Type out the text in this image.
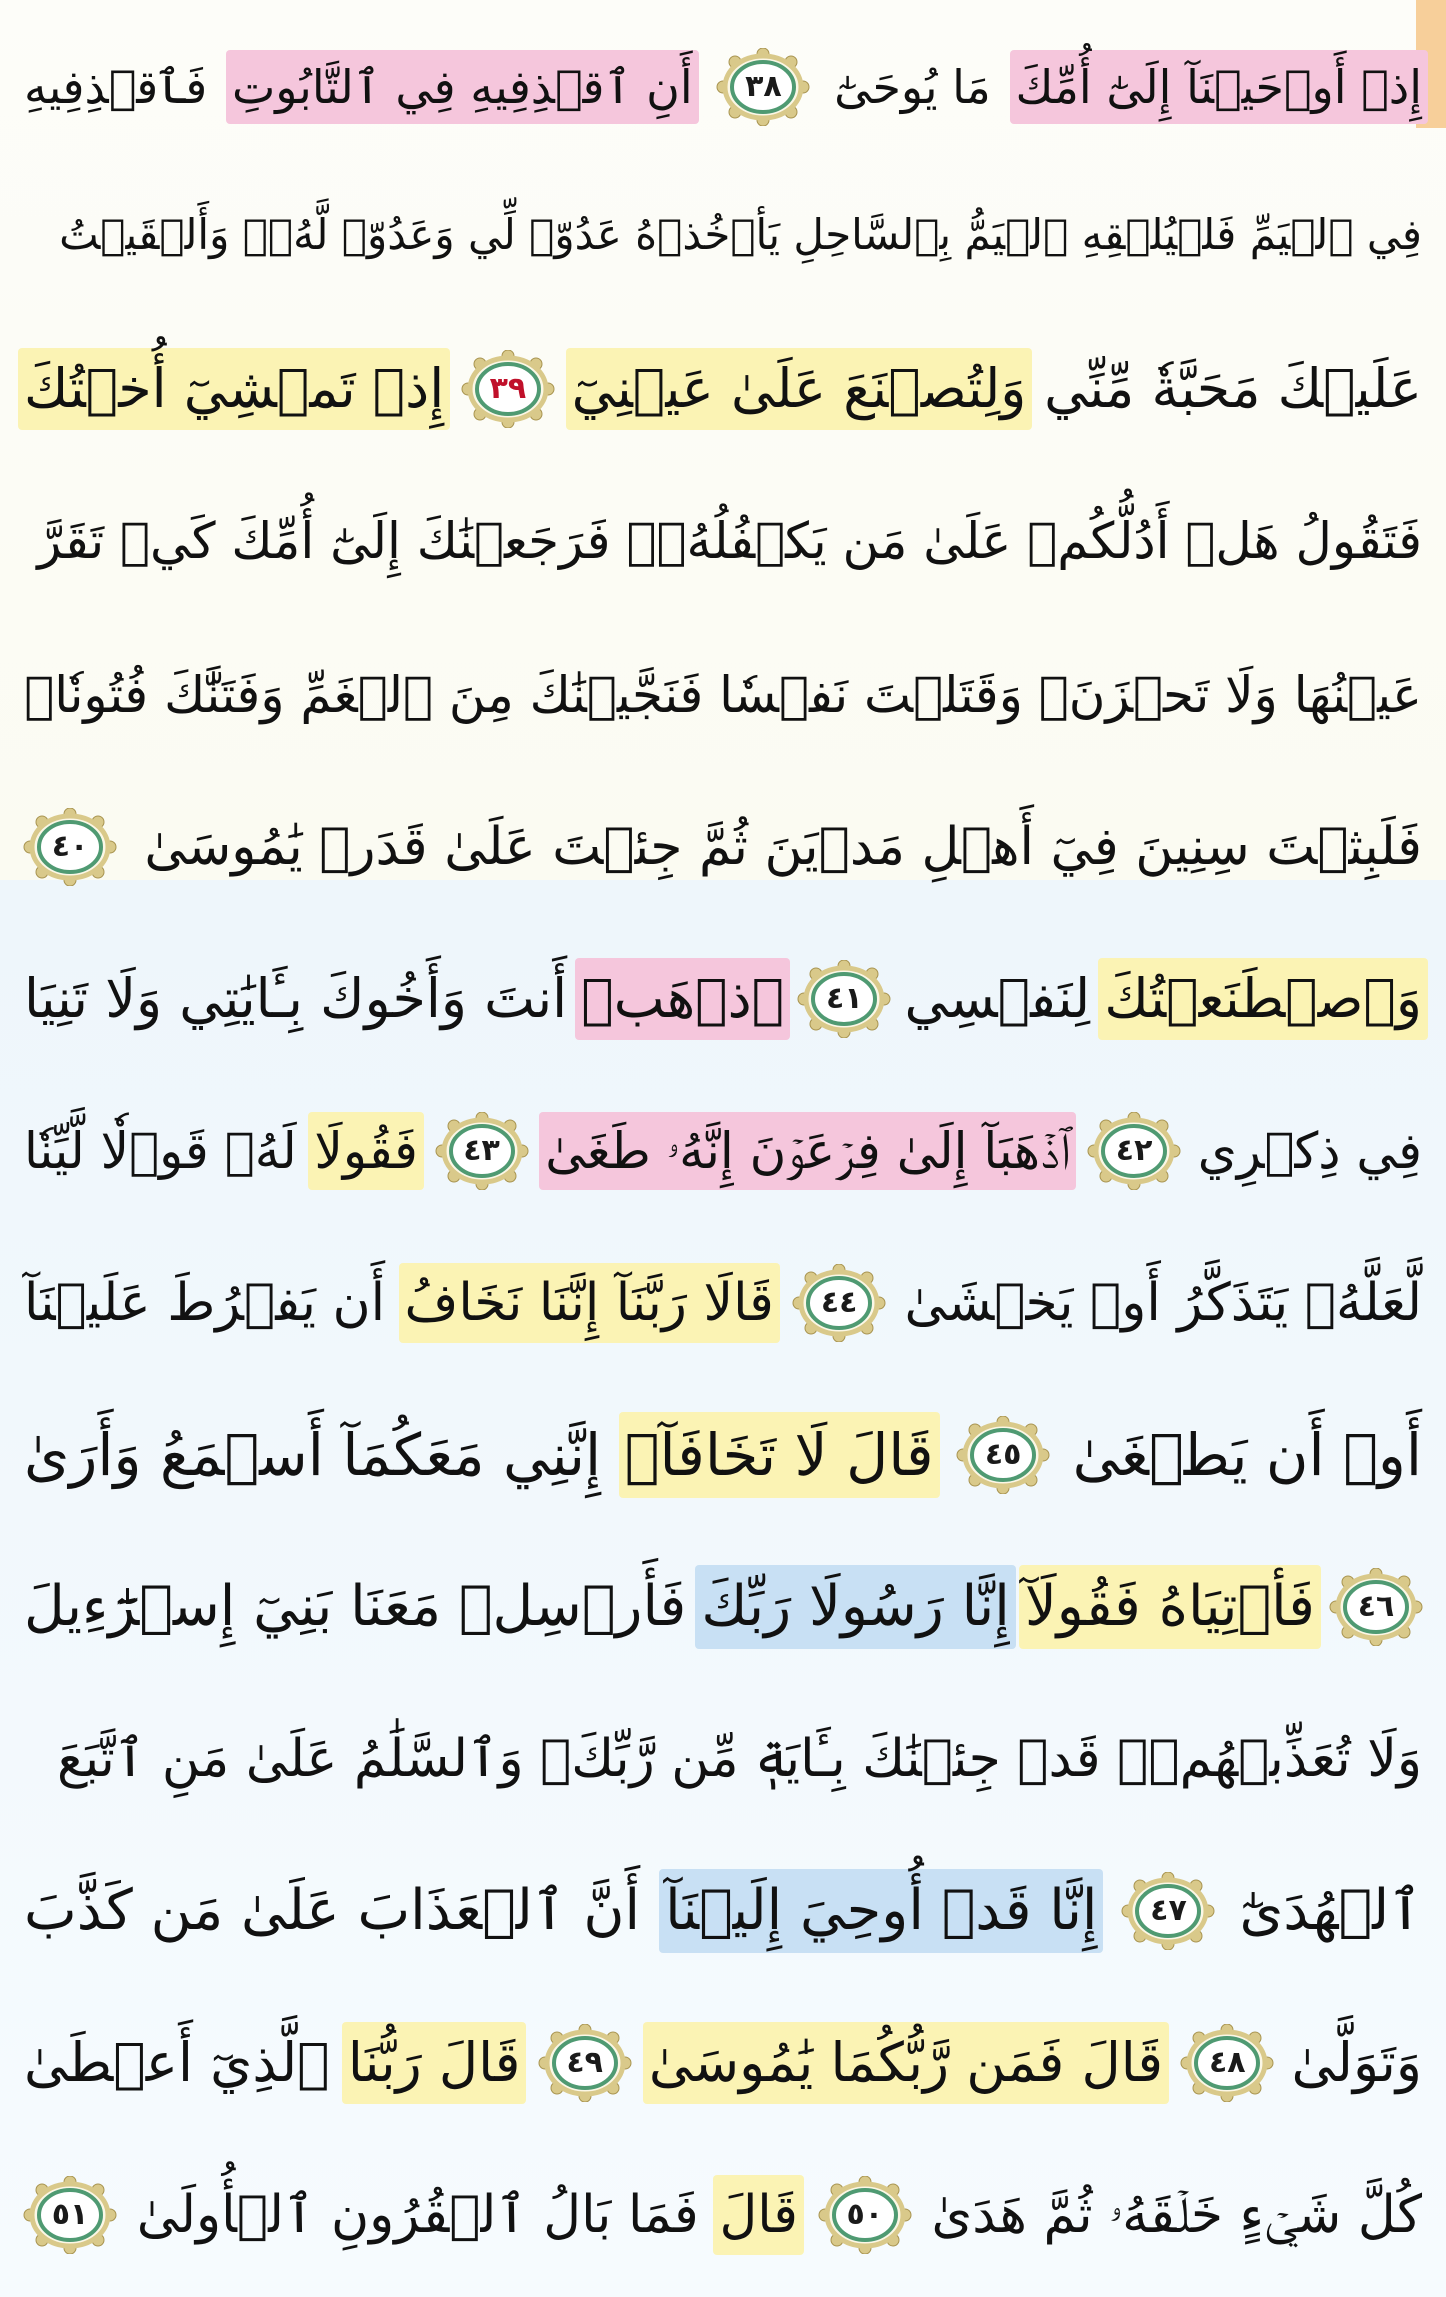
إِذۡ أَوۡحَيۡنَآ إِلَىٰٓ أُمِّكَ
مَا يُوحَىٰٓ
٣٨
أَنِ ٱقۡذِفِيهِ فِي ٱلتَّابُوتِ
فَٱقۡذِفِيهِ
فِي ٱلۡيَمِّ فَلۡيُلۡقِهِ ٱلۡيَمُّ بِٱلسَّاحِلِ يَأۡخُذۡهُ عَدُوّٞ لِّي وَعَدُوّٞ لَّهُۥۚ وَأَلۡقَيۡتُ
عَلَيۡكَ مَحَبَّةٗ مِّنِّي
وَلِتُصۡنَعَ عَلَىٰ عَيۡنِيٓ
٣٩
إِذۡ تَمۡشِيٓ أُخۡتُكَ
فَتَقُولُ هَلۡ أَدُلُّكُمۡ عَلَىٰ مَن يَكۡفُلُهُۥۖ فَرَجَعۡنَٰكَ إِلَىٰٓ أُمِّكَ كَيۡ تَقَرَّ
عَيۡنُهَا وَلَا تَحۡزَنَۚ وَقَتَلۡتَ نَفۡسٗا فَنَجَّيۡنَٰكَ مِنَ ٱلۡغَمِّ وَفَتَنَّٰكَ فُتُونٗاۚ
فَلَبِثۡتَ سِنِينَ فِيٓ أَهۡلِ مَدۡيَنَ ثُمَّ جِئۡتَ عَلَىٰ قَدَرٖ يَٰمُوسَىٰ
٤٠
وَٱصۡطَنَعۡتُكَ
لِنَفۡسِي
٤١
ٱذۡهَبۡ
أَنتَ وَأَخُوكَ بِـَٔايَٰتِي وَلَا تَنِيَا
فِي ذِكۡرِي
٤٢
ٱذۡهَبَآ إِلَىٰ فِرۡعَوۡنَ إِنَّهُۥ طَغَىٰ
٤٣
فَقُولَا
لَهُۥ قَوۡلٗا لَّيِّنٗا
لَّعَلَّهُۥ يَتَذَكَّرُ أَوۡ يَخۡشَىٰ
٤٤
قَالَا رَبَّنَآ إِنَّنَا نَخَافُ
أَن يَفۡرُطَ عَلَيۡنَآ
أَوۡ أَن يَطۡغَىٰ
٤٥
قَالَ لَا تَخَافَآۖ
إِنَّنِي مَعَكُمَآ أَسۡمَعُ وَأَرَىٰ
٤٦
فَأۡتِيَاهُ فَقُولَآ
إِنَّا رَسُولَا رَبِّكَ
فَأَرۡسِلۡ مَعَنَا بَنِيٓ إِسۡرَٰٓءِيلَ
وَلَا تُعَذِّبۡهُمۡۖ قَدۡ جِئۡنَٰكَ بِـَٔايَةٖ مِّن رَّبِّكَۖ وَٱلسَّلَٰمُ عَلَىٰ مَنِ ٱتَّبَعَ
ٱلۡهُدَىٰٓ
٤٧
إِنَّا قَدۡ أُوحِيَ إِلَيۡنَآ
أَنَّ ٱلۡعَذَابَ عَلَىٰ مَن كَذَّبَ
وَتَوَلَّىٰ
٤٨
قَالَ فَمَن رَّبُّكُمَا يَٰمُوسَىٰ
٤٩
قَالَ رَبُّنَا
ٱلَّذِيٓ أَعۡطَىٰ
كُلَّ شَيۡءٍ خَلۡقَهُۥ ثُمَّ هَدَىٰ
٥٠
قَالَ
فَمَا بَالُ ٱلۡقُرُونِ ٱلۡأُولَىٰ
٥١
